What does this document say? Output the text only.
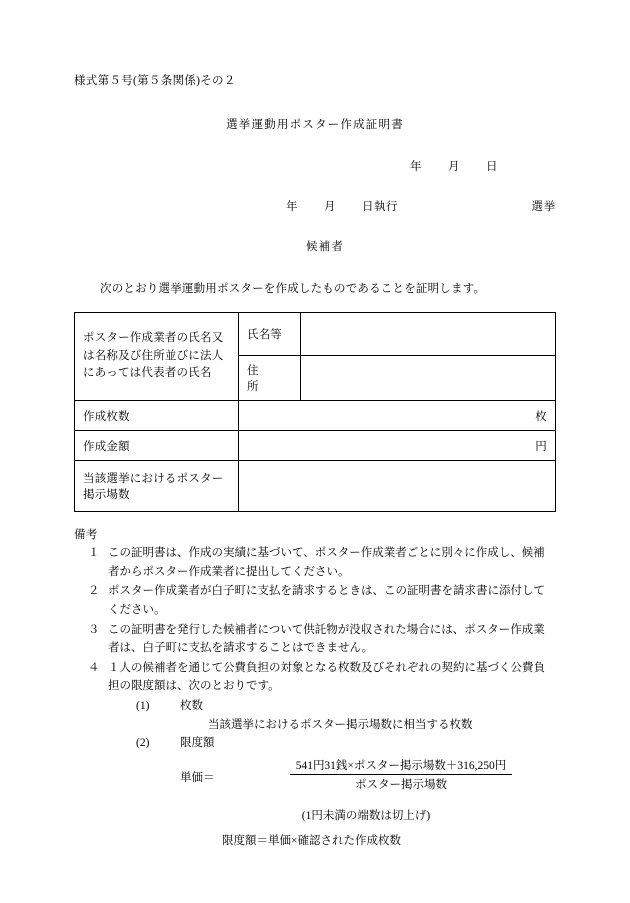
様式第５号(第５条関係)その２
選挙運動用ポスター作成証明書
年 月 日
年 月 日執行	選挙
候補者
次のとおり選挙運動用ポスターを作成したものであることを証明します。
ポスター作成業者の氏名又は名称及び住所並びに法人にあっては代表者の氏名	氏名等	
	住　　所	
作成枚数	枚	
作成金額	円	
当該選挙におけるポスター掲示場数		
備考
１ この証明書は、作成の実績に基づいて、ポスター作成業者ごとに別々に作成し、候補者からポスター作成業者に提出してください。
２ ポスター作成業者が白子町に支払を請求するときは、この証明書を請求書に添付してください。
３ この証明書を発行した候補者について供託物が没収された場合には、ポスター作成業者は、白子町に支払を請求することはできません。
４ １人の候補者を通じて公費負担の対象となる枚数及びそれぞれの契約に基づく公費負担の限度額は、次のとおりです。
(1)	枚数
当該選挙におけるポスター掲示場数に相当する枚数
(2)	限度額
単価＝
541円31銭×ポスター掲示場数＋316,250円 ポスター掲示場数
(1円未満の端数は切上げ)
限度額＝単価×確認された作成枚数
